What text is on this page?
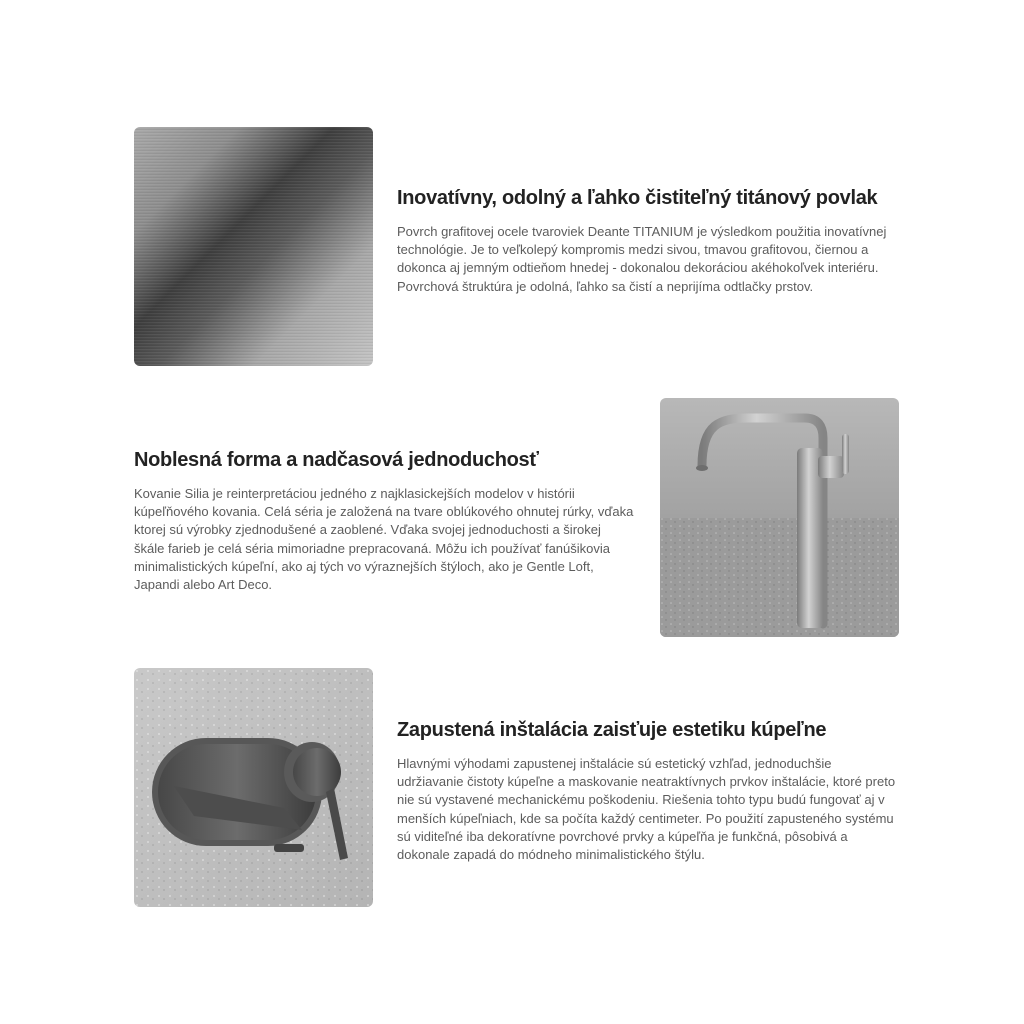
Inovatívny, odolný a ľahko čistiteľný titánový povlak

Povrch grafitovej ocele tvaroviek Deante TITANIUM je výsledkom použitia inovatívnej technológie. Je to veľkolepý kompromis medzi sivou, tmavou grafitovou, čiernou a dokonca aj jemným odtieňom hnedej - dokonalou dekoráciou akéhokoľvek interiéru. Povrchová štruktúra je odolná, ľahko sa čistí a neprijíma odtlačky prstov.

Noblesná forma a nadčasová jednoduchosť

Kovanie Silia je reinterpretáciou jedného z najklasickejších modelov v histórii kúpeľňového kovania. Celá séria je založená na tvare oblúkového ohnutej rúrky, vďaka ktorej sú výrobky zjednodušené a zaoblené. Vďaka svojej jednoduchosti a širokej škále farieb je celá séria mimoriadne prepracovaná. Môžu ich používať fanúšikovia minimalistických kúpeľní, ako aj tých vo výraznejších štýloch, ako je Gentle Loft, Japandi alebo Art Deco.

Zapustená inštalácia zaisťuje estetiku kúpeľne

Hlavnými výhodami zapustenej inštalácie sú estetický vzhľad, jednoduchšie udržiavanie čistoty kúpeľne a maskovanie neatraktívnych prvkov inštalácie, ktoré preto nie sú vystavené mechanickému poškodeniu. Riešenia tohto typu budú fungovať aj v menších kúpeľniach, kde sa počíta každý centimeter. Po použití zapusteného systému sú viditeľné iba dekoratívne povrchové prvky a kúpeľňa je funkčná, pôsobivá a dokonale zapadá do módneho minimalistického štýlu.
